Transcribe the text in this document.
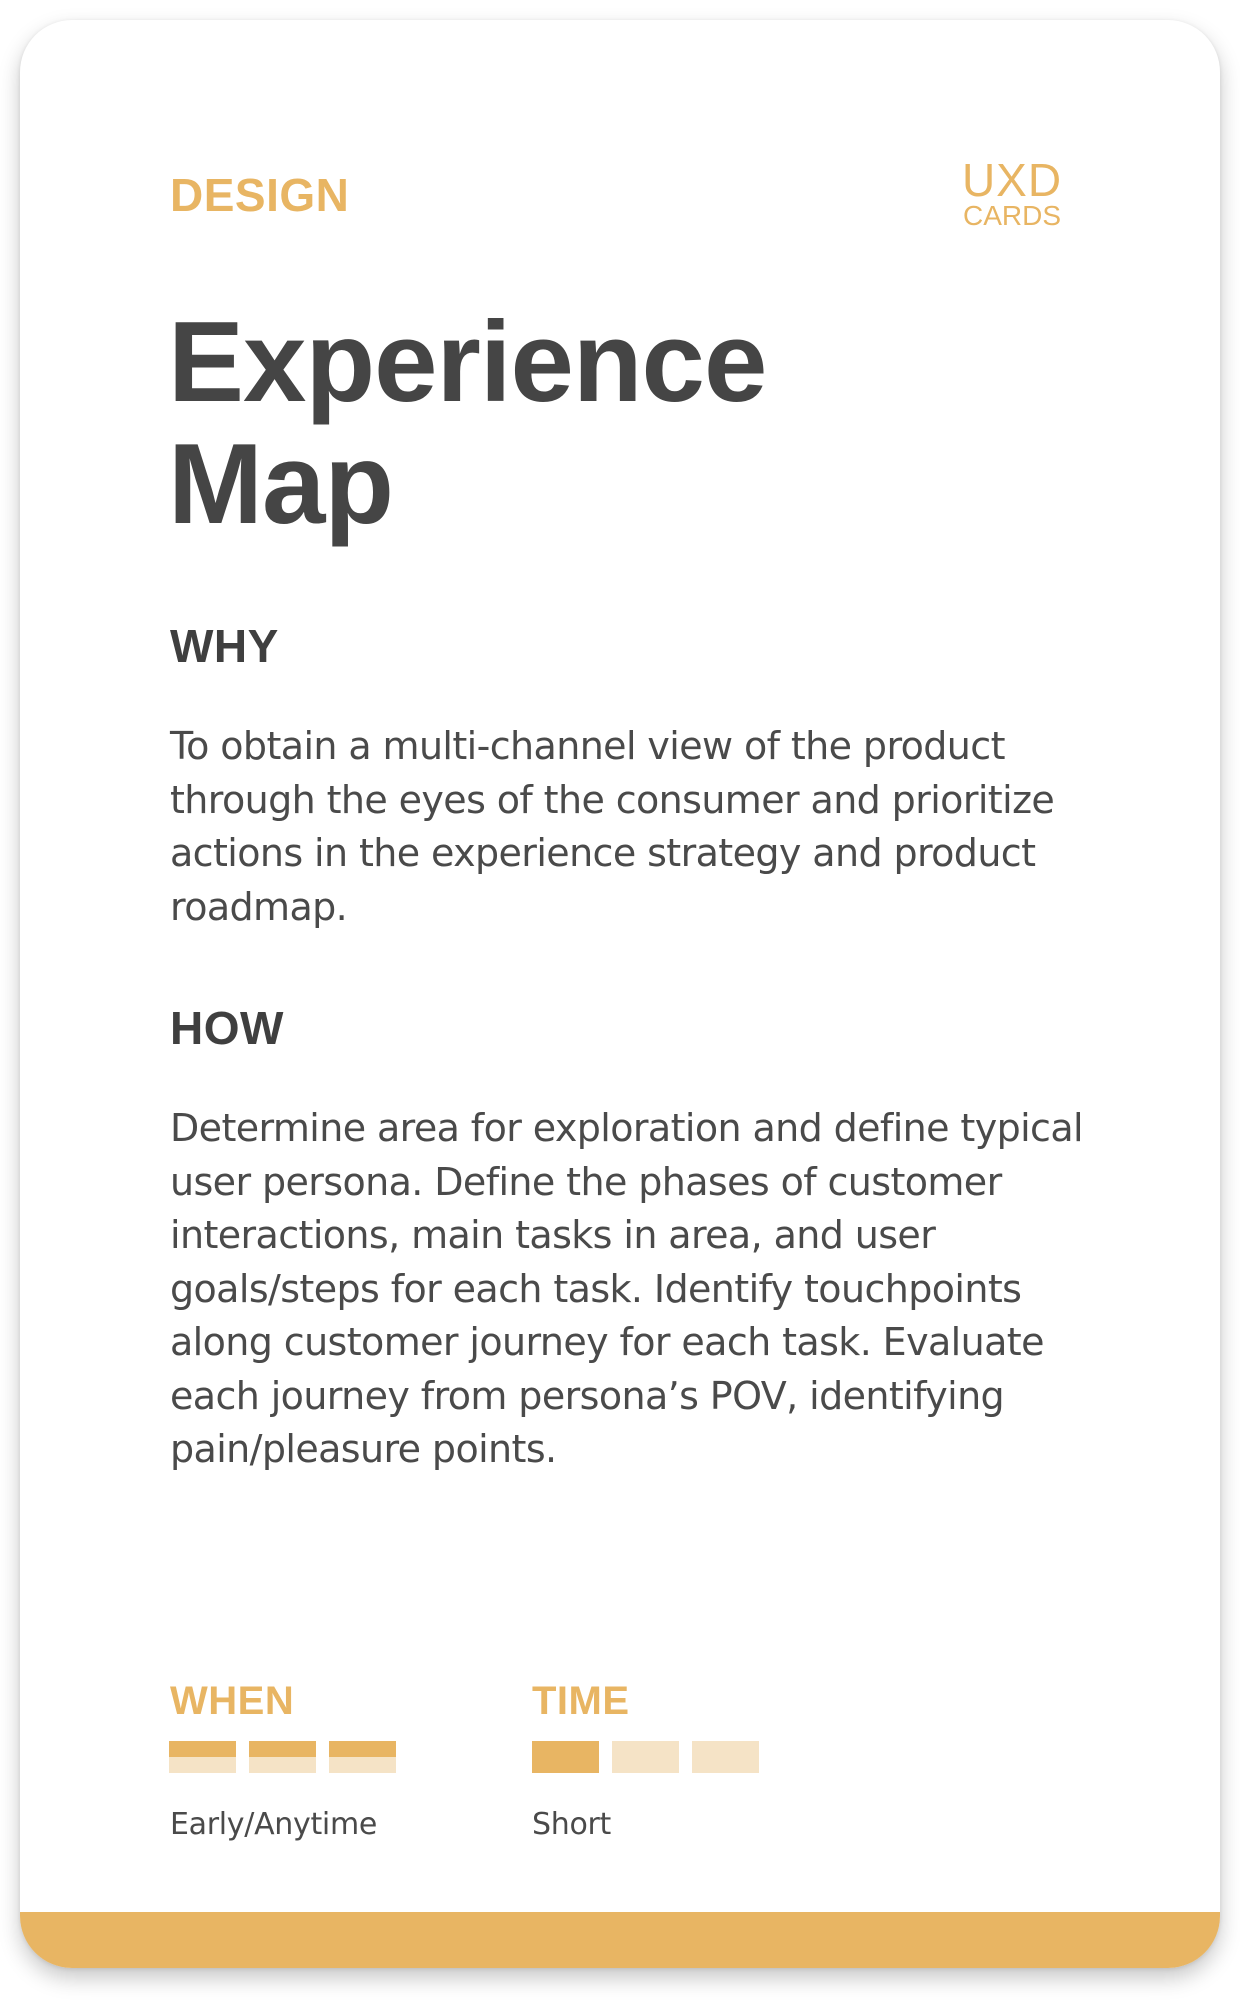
DESIGN	UXD
CARDS
Experience
Map
WHY

To obtain a multi-channel view of the product through the eyes of the consumer and prioritize actions in the experience strategy and product roadmap.

HOW

Determine area for exploration and define typical user persona. Define the phases of customer interactions, main tasks in area, and user goals/steps for each task. Identify touchpoints along customer journey for each task. Evaluate each journey from persona’s POV, identifying pain/pleasure points.

WHEN
Early/Anytime
TIME
Short
